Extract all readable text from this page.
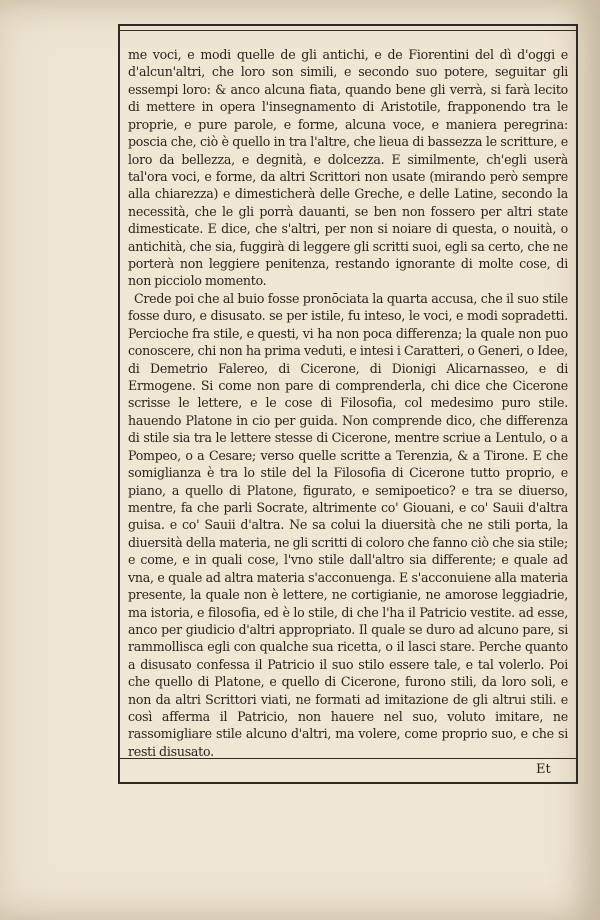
me voci, e modi quelle de gli antichi, e de Fiorentini del dì d'oggi e d'alcun'altri, che loro son simili, e secondo suo potere, seguitar gli essempi loro: & anco alcuna fiata, quando bene gli verrà, si farà lecito di mettere in opera l'insegnamento di Aristotile, frapponendo tra le proprie, e pure parole, e forme, alcuna voce, e maniera peregrina: poscia che, ciò è quello in tra l'altre, che lieua di bassezza le scritture, e loro da bellezza, e degnità, e dolcezza. E similmente, ch'egli userà tal'ora voci, e forme, da altri Scrittori non usate (mirando però sempre alla chiarezza) e dimesticherà delle Greche, e delle Latine, secondo la necessità, che le gli porrà dauanti, se ben non fossero per altri state dimesticate. E dice, che s'altri, per non si noiare di questa, o nouità, o antichità, che sia, fuggirà di leggere gli scritti suoi, egli sa certo, che ne porterà non leggiere penitenza, restando ignorante di molte cose, di non picciolo momento.

Crede poi che al buio fosse pronōciata la quarta accusa, che il suo stile fosse duro, e disusato. se per istile, fu inteso, le voci, e modi sopradetti. Percioche fra stile, e questi, vi ha non poca differenza; la quale non puo conoscere, chi non ha prima veduti, e intesi i Caratteri, o Generi, o Idee, di Demetrio Falereo, di Cicerone, di Dionigi Alicarnasseo, e di Ermogene. Si come non pare di comprenderla, chi dice che Cicerone scrisse le lettere, e le cose di Filosofia, col medesimo puro stile. hauendo Platone in cio per guida. Non comprende dico, che differenza di stile sia tra le lettere stesse di Cicerone, mentre scriue a Lentulo, o a Pompeo, o a Cesare; verso quelle scritte a Terenzia, & a Tirone. E che somiglianza è tra lo stile del la Filosofia di Cicerone tutto proprio, e piano, a quello di Platone, figurato, e semipoetico? e tra se diuerso, mentre, fa che parli Socrate, altrimente co' Giouani, e co' Sauii d'altra guisa. e co' Sauii d'altra. Ne sa colui la diuersità che ne stili porta, la diuersità della materia, ne gli scritti di coloro che fanno ciò che sia stile; e come, e in quali cose, l'vno stile dall'altro sia differente; e quale ad vna, e quale ad altra materia s'acconuenga. E s'acconuiene alla materia presente, la quale non è lettere, ne cortigianie, ne amorose leggiadrie, ma istoria, e filosofia, ed è lo stile, di che l'ha il Patricio vestite. ad esse, anco per giudicio d'altri appropriato. Il quale se duro ad alcuno pare, si rammollisca egli con qualche sua ricetta, o il lasci stare. Perche quanto a disusato confessa il Patricio il suo stilo essere tale, e tal volerlo. Poi che quello di Platone, e quello di Cicerone, furono stili, da loro soli, e non da altri Scrittori viati, ne formati ad imitazione de gli altrui stili. e così afferma il Patricio, non hauere nel suo, voluto imitare, ne rassomigliare stile alcuno d'altri, ma volere, come proprio suo, e che si resti disusato.

Et
